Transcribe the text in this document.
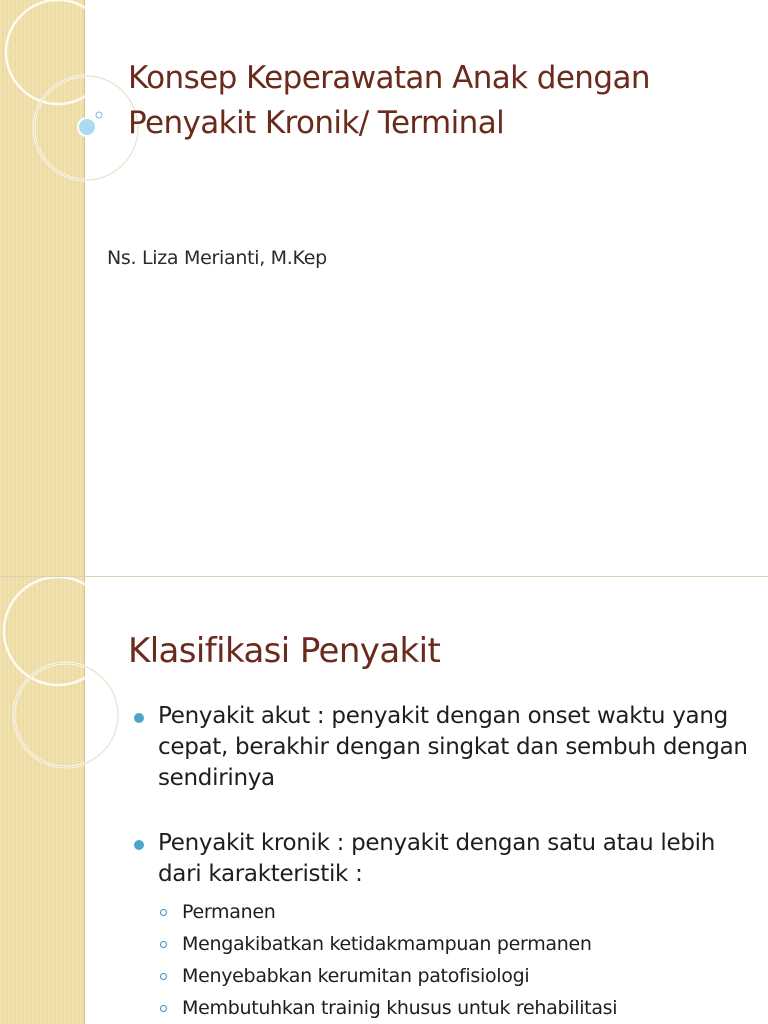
Konsep Keperawatan Anak dengan
Penyakit Kronik/ Terminal
Ns. Liza Merianti, M.Kep
Klasifikasi Penyakit
Penyakit akut : penyakit dengan onset waktu yang cepat, berakhir dengan singkat dan sembuh dengan sendirinya
Penyakit kronik : penyakit dengan satu atau lebih dari karakteristik :
Permanen
Mengakibatkan ketidakmampuan permanen
Menyebabkan kerumitan patofisiologi
Membutuhkan trainig khusus untuk rehabilitasi
